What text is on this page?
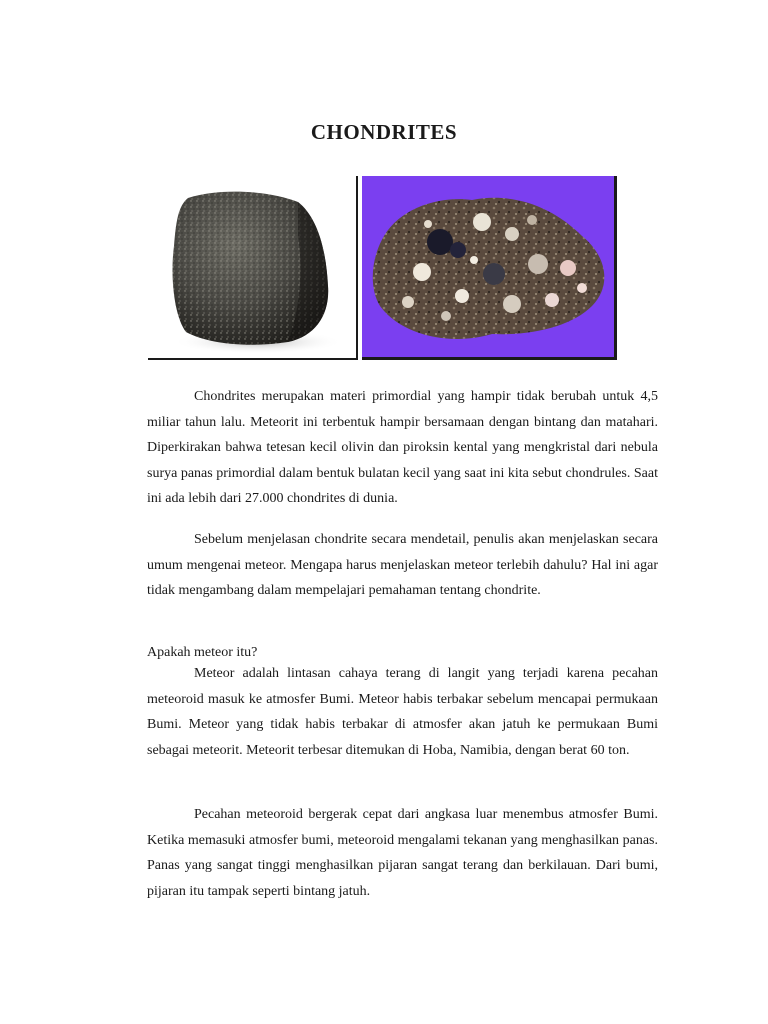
CHONDRITES

Chondrites merupakan materi primordial yang hampir tidak berubah untuk 4,5 miliar tahun lalu. Meteorit ini terbentuk hampir bersamaan dengan bintang dan matahari. Diperkirakan bahwa tetesan kecil olivin dan piroksin kental yang mengkristal dari nebula surya panas primordial dalam bentuk bulatan kecil yang saat ini kita sebut chondrules. Saat ini ada lebih dari 27.000 chondrites di dunia.

Sebelum menjelasan chondrite secara mendetail, penulis akan menjelaskan secara umum mengenai meteor. Mengapa harus menjelaskan meteor terlebih dahulu? Hal ini agar tidak mengambang dalam mempelajari pemahaman tentang chondrite.

Apakah meteor itu?

Meteor adalah lintasan cahaya terang di langit yang terjadi karena pecahan meteoroid masuk ke atmosfer Bumi. Meteor habis terbakar sebelum mencapai permukaan Bumi. Meteor yang tidak habis terbakar di atmosfer akan jatuh ke permukaan Bumi sebagai meteorit. Meteorit terbesar ditemukan di Hoba, Namibia, dengan berat 60 ton.

Pecahan meteoroid bergerak cepat dari angkasa luar menembus atmosfer Bumi. Ketika memasuki atmosfer bumi, meteoroid mengalami tekanan yang menghasilkan panas. Panas yang sangat tinggi menghasilkan pijaran sangat terang dan berkilauan. Dari bumi, pijaran itu tampak seperti bintang jatuh.
